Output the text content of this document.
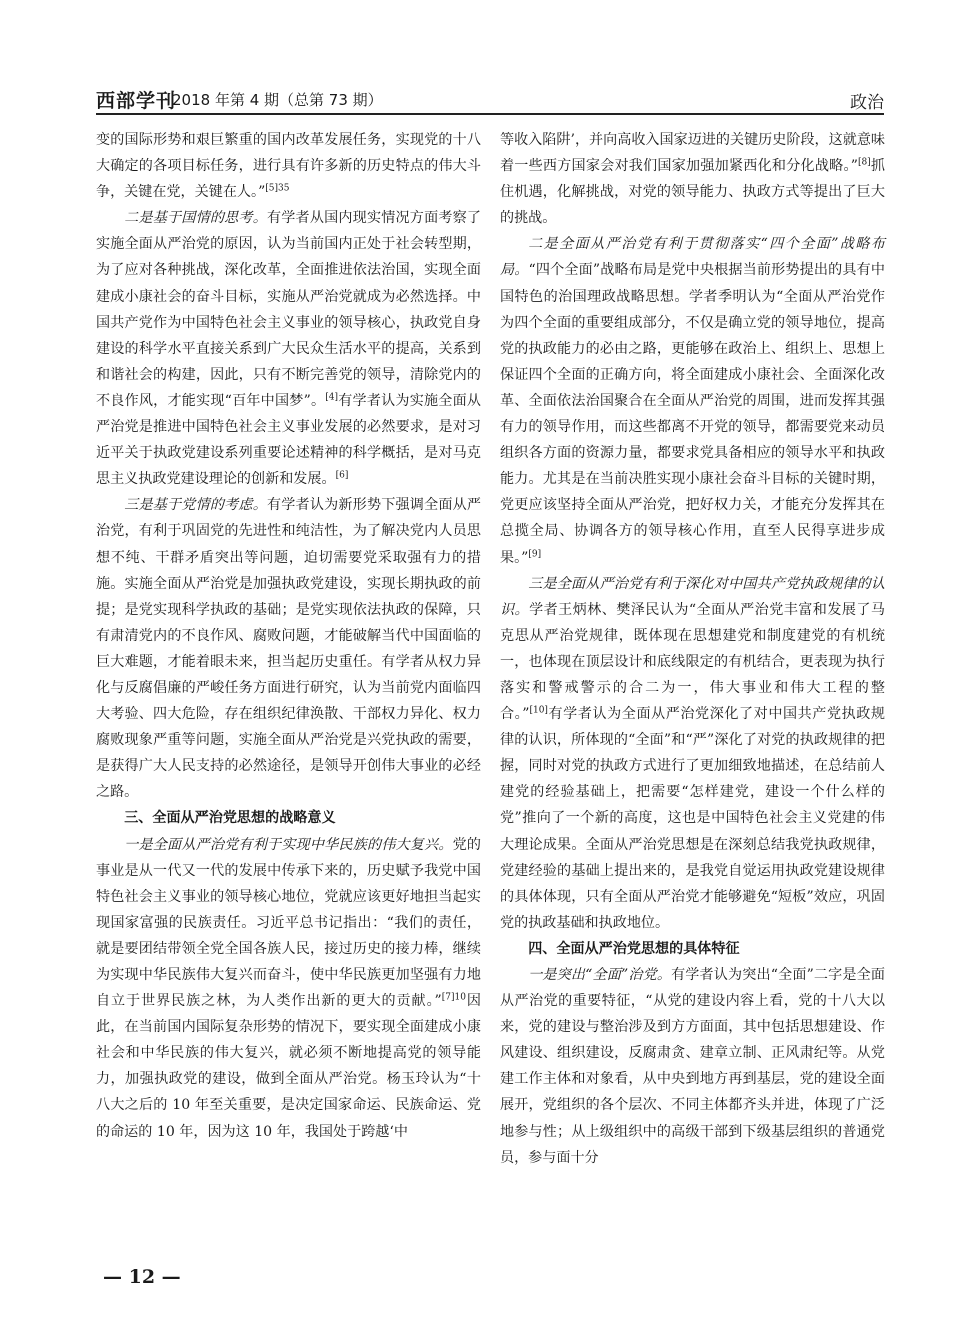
西部学刊
2018 年第 4 期（总第 73 期）	政治

变的国际形势和艰巨繁重的国内改革发展任务，实现党的十八大确定的各项目标任务，进行具有许多新的历史特点的伟大斗争，关键在党，关键在人。”$^{[5]35}$

二是基于国情的思考。有学者从国内现实情况方面考察了实施全面从严治党的原因，认为当前国内正处于社会转型期，为了应对各种挑战，深化改革，全面推进依法治国，实现全面建成小康社会的奋斗目标，实施从严治党就成为必然选择。中国共产党作为中国特色社会主义事业的领导核心，执政党自身建设的科学水平直接关系到广大民众生活水平的提高，关系到和谐社会的构建，因此，只有不断完善党的领导，清除党内的不良作风，才能实现“百年中国梦”。[4]有学者认为实施全面从严治党是推进中国特色社会主义事业发展的必然要求，是对习近平关于执政党建设系列重要论述精神的科学概括，是对马克思主义执政党建设理论的创新和发展。[6]

三是基于党情的考虑。有学者认为新形势下强调全面从严治党，有利于巩固党的先进性和纯洁性，为了解决党内人员思想不纯、干群矛盾突出等问题，迫切需要党采取强有力的措施。实施全面从严治党是加强执政党建设，实现长期执政的前提；是党实现科学执政的基础；是党实现依法执政的保障，只有肃清党内的不良作风、腐败问题，才能破解当代中国面临的巨大难题，才能着眼未来，担当起历史重任。有学者从权力异化与反腐倡廉的严峻任务方面进行研究，认为当前党内面临四大考验、四大危险，存在组织纪律涣散、干部权力异化、权力腐败现象严重等问题，实施全面从严治党是兴党执政的需要，是获得广大人民支持的必然途径，是领导开创伟大事业的必经之路。

三、全面从严治党思想的战略意义

一是全面从严治党有利于实现中华民族的伟大复兴。党的事业是从一代又一代的发展中传承下来的，历史赋予我党中国特色社会主义事业的领导核心地位，党就应该更好地担当起实现国家富强的民族责任。习近平总书记指出：“我们的责任，就是要团结带领全党全国各族人民，接过历史的接力棒，继续为实现中华民族伟大复兴而奋斗，使中华民族更加坚强有力地自立于世界民族之林，为人类作出新的更大的贡献。”$^{[7]10}$因此，在当前国内国际复杂形势的情况下，要实现全面建成小康社会和中华民族的伟大复兴，就必须不断地提高党的领导能力，加强执政党的建设，做到全面从严治党。杨玉玲认为“十八大之后的 10 年至关重要，是决定国家命运、民族命运、党的命运的 10 年，因为这 10 年，我国处于跨越‘中

等收入陷阱’，并向高收入国家迈进的关键历史阶段，这就意味着一些西方国家会对我们国家加强加紧西化和分化战略。”[8]抓住机遇，化解挑战，对党的领导能力、执政方式等提出了巨大的挑战。

二是全面从严治党有利于贯彻落实“四个全面”战略布局。“四个全面”战略布局是党中央根据当前形势提出的具有中国特色的治国理政战略思想。学者季明认为“全面从严治党作为四个全面的重要组成部分，不仅是确立党的领导地位，提高党的执政能力的必由之路，更能够在政治上、组织上、思想上保证四个全面的正确方向，将全面建成小康社会、全面深化改革、全面依法治国聚合在全面从严治党的周围，进而发挥其强有力的领导作用，而这些都离不开党的领导，都需要党来动员组织各方面的资源力量，都要求党具备相应的领导水平和执政能力。尤其是在当前决胜实现小康社会奋斗目标的关键时期，党更应该坚持全面从严治党，把好权力关，才能充分发挥其在总揽全局、协调各方的领导核心作用，直至人民得享进步成果。”[9]

三是全面从严治党有利于深化对中国共产党执政规律的认识。学者王炳林、樊泽民认为“全面从严治党丰富和发展了马克思从严治党规律，既体现在思想建党和制度建党的有机统一，也体现在顶层设计和底线限定的有机结合，更表现为执行落实和警戒警示的合二为一，伟大事业和伟大工程的整合。”[10]有学者认为全面从严治党深化了对中国共产党执政规律的认识，所体现的“全面”和“严”深化了对党的执政规律的把握，同时对党的执政方式进行了更加细致地描述，在总结前人建党的经验基础上，把需要“怎样建党，建设一个什么样的党”推向了一个新的高度，这也是中国特色社会主义党建的伟大理论成果。全面从严治党思想是在深刻总结我党执政规律，党建经验的基础上提出来的，是我党自觉运用执政党建设规律的具体体现，只有全面从严治党才能够避免“短板”效应，巩固党的执政基础和执政地位。

四、全面从严治党思想的具体特征

一是突出“全面”治党。有学者认为突出“全面”二字是全面从严治党的重要特征，“从党的建设内容上看，党的十八大以来，党的建设与整治涉及到方方面面，其中包括思想建设、作风建设、组织建设，反腐肃贪、建章立制、正风肃纪等。从党建工作主体和对象看，从中央到地方再到基层，党的建设全面展开，党组织的各个层次、不同主体都齐头并进，体现了广泛地参与性；从上级组织中的高级干部到下级基层组织的普通党员，参与面十分

— 12 —
